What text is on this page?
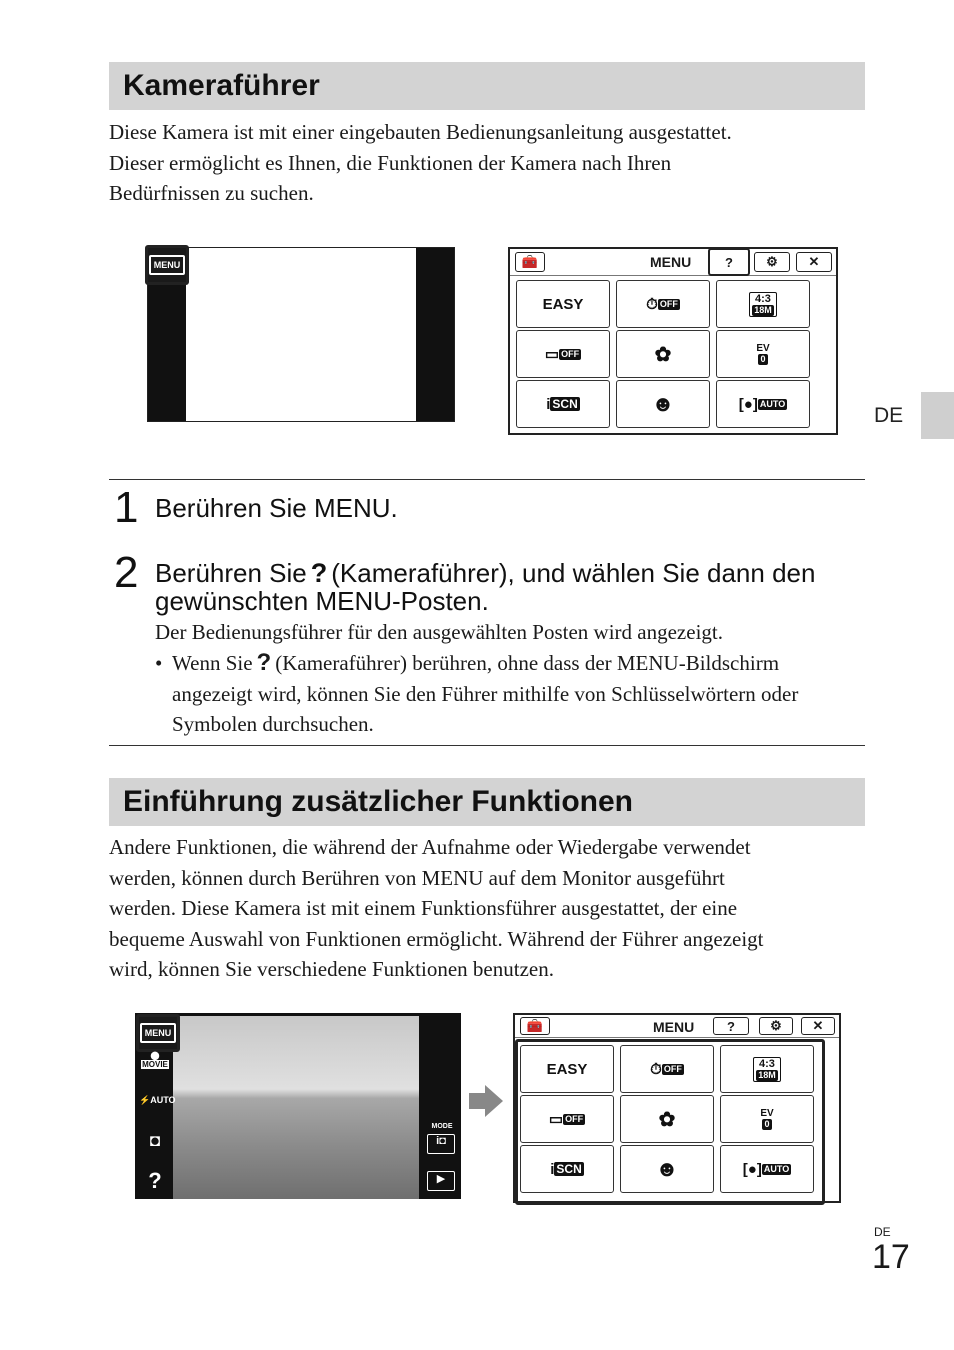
Kameraführer

Diese Kamera ist mit einer eingebauten Bedienungsanleitung ausgestattet.

Dieser ermöglicht es Ihnen, die Funktionen der Kamera nach Ihren

Bedürfnissen zu suchen.

MENU	🧰	MENU	?	⚙	✕
EASY	⏱ OFF	4:3
18M
▭ OFF	✿	EV
0
i SCN	☻	[●] AUTO
DE
1 Berühren Sie MENU.
2 Berühren Sie ? (Kameraführer), und wählen Sie dann den gewünschten MENU-Posten.
Der Bedienungsführer für den ausgewählten Posten wird angezeigt.
• Wenn Sie ? (Kameraführer) berühren, ohne dass der MENU-Bildschirm angezeigt wird, können Sie den Führer mithilfe von Schlüsselwörtern oder Symbolen durchsuchen.
Einführung zusätzlicher Funktionen

Andere Funktionen, die während der Aufnahme oder Wiedergabe verwendet

werden, können durch Berühren von MENU auf dem Monitor ausgeführt

werden. Diese Kamera ist mit einem Funktionsführer ausgestattet, der eine

bequeme Auswahl von Funktionen ermöglicht. Während der Führer angezeigt

wird, können Sie verschiedene Funktionen benutzen.

MENU
⬤
MOVIE
⚡AUTO
◘
?
MODE
i◘
▶
🧰	MENU	?	⚙	✕
EASY	⏱ OFF	4:3
18M
▭ OFF	✿	EV
0
i SCN	☻	[●] AUTO
DE
17
